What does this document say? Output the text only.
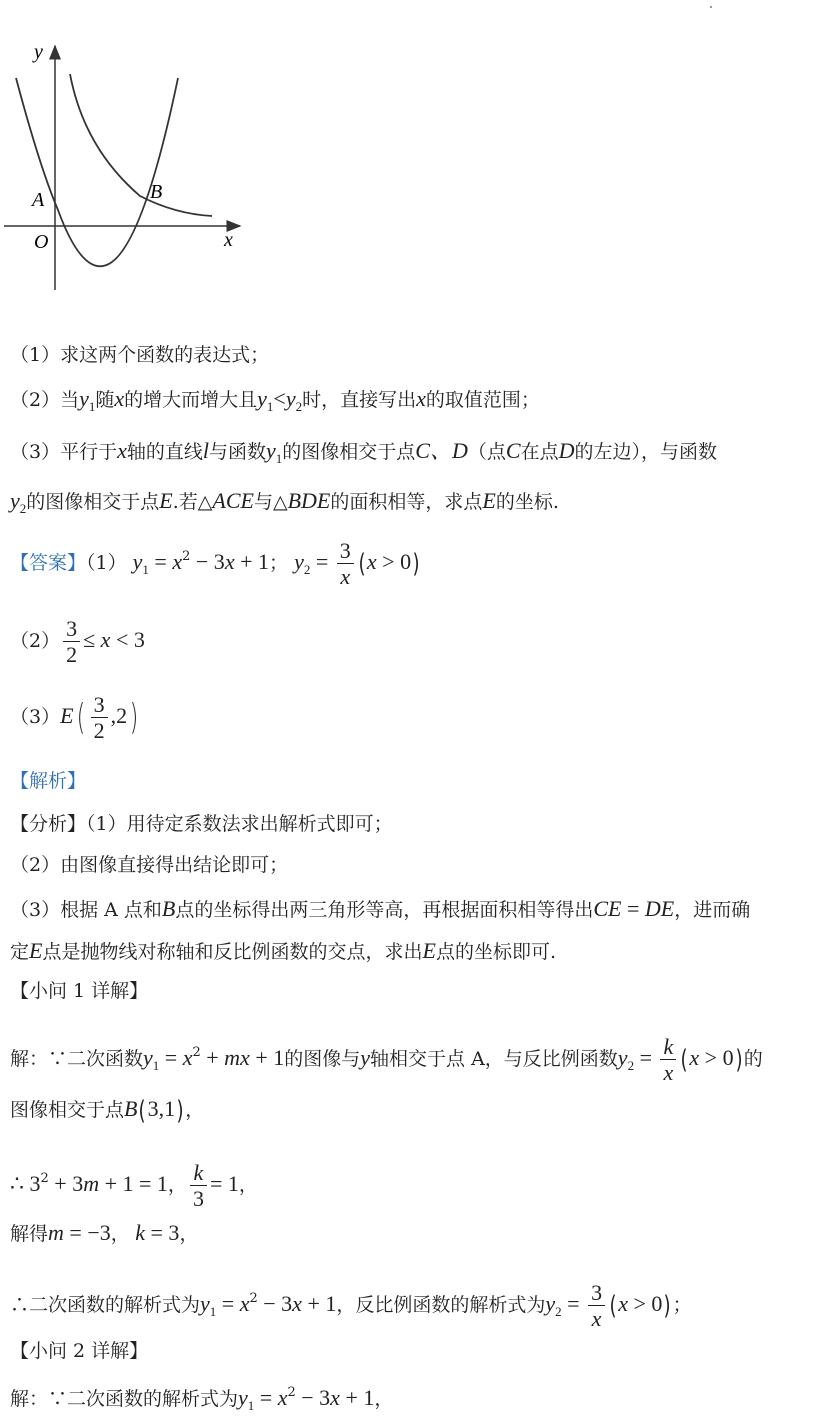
y
x
O
A	B
（1）求这两个函数的表达式；
（2）当$y_1$随x的增大而增大且$y_1<y_2$时，直接写出x的取值范围；
（3）平行于x轴的直线l与函数$y_1$的图像相交于点C、D（点C在点D的左边），与函数
$y_2$的图像相交于点E.若△ACE与△BDE的面积相等，求点E的坐标.
【答案】（1） $y_1 = x^2 - 3x + 1$； $y_2 = \frac{3}{x} (x > 0)$
$(2) \frac{3}{2} \le x < 3$
$(3)E( \frac{3}{2} ,2)$
【解析】
【分析】（1）用待定系数法求出解析式即可；
（2）由图像直接得出结论即可；
（3）根据 A 点和B点的坐标得出两三角形等高，再根据面积相等得出CE = DE，进而确
定E点是抛物线对称轴和反比例函数的交点，求出E点的坐标即可.
【小问 1 详解】
解：∵二次函数$y_1 = x^2$ + mx + 1的图像与y轴相交于点 A，与反比例函数$y_2 = \frac{k}{x} (x > 0)$的
图像相交于点B(3,1)，
∴ $3^2 + 3m + 1 = 1$， $\frac{k}{3} = 1$，
解得m = −3， k = 3，
∴二次函数的解析式为$y_1 = x^2 - 3x + 1$，反比例函数的解析式为$y_2 = \frac{3}{x} (x > 0)$；
【小问 2 详解】
解：∵二次函数的解析式为$y_1 = x^2 - 3x + 1$，
